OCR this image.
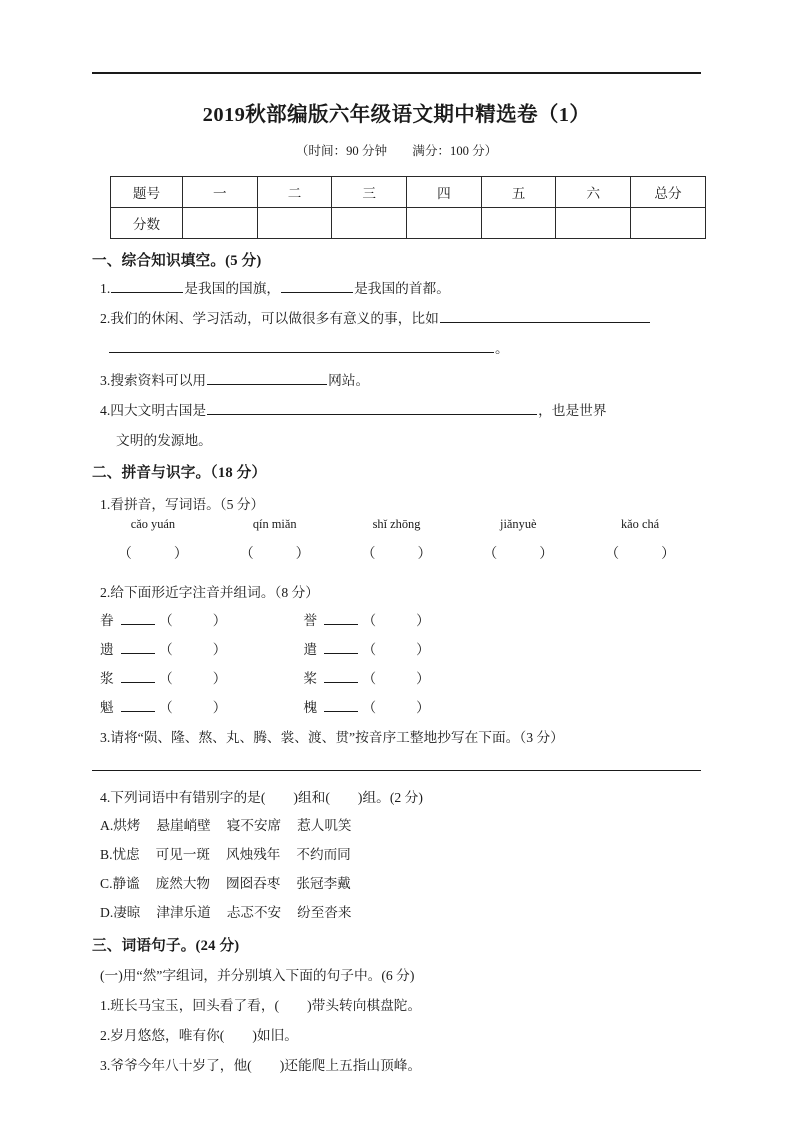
2019秋部编版六年级语文期中精选卷（1）
（时间：90 分钟　　满分：100 分）
题号	一	二	三	四	五	六	总分
分数							
一、综合知识填空。(5 分)
1.	是我国的国旗，	是我国的首都。
2.我们的休闲、学习活动，可以做很多有意义的事，比如
。
3.搜索资料可以用	网站。
4.四大文明古国是	，也是世界
文明的发源地。
二、拼音与识字。（18 分）
1.看拼音，写词语。（5 分）
cǎo yuán	qín miǎn	shǐ zhōng	jiǎnyuè	kǎo chá
（　　　）	（　　　）	（　　　）	（　　　）	（　　　）
2.给下面形近字注音并组词。（8 分）
眷	（	）	誉	（	）
遗	（	）	遣	（	）
浆	（	）	桨	（	）
魁	（	）	槐	（	）
3.请将“陨、隆、熬、丸、腾、裳、渡、贯”按音序工整地抄写在下面。（3 分）
4.下列词语中有错别字的是( )组和( )组。(2 分)
A.烘烤 悬崖峭壁 寝不安席 惹人叽笑
B.忧虑 可见一斑 风烛残年 不约而同
C.静谧 庞然大物 囫囵吞枣 张冠李戴
D.凄晾 津津乐道 忐忑不安 纷至沓来
三、词语句子。(24 分)
(一)用“然”字组词，并分别填入下面的句子中。(6 分)
1.班长马宝玉，回头看了看，( )带头转向棋盘陀。
2.岁月悠悠，唯有你( )如旧。
3.爷爷今年八十岁了，他( )还能爬上五指山顶峰。
